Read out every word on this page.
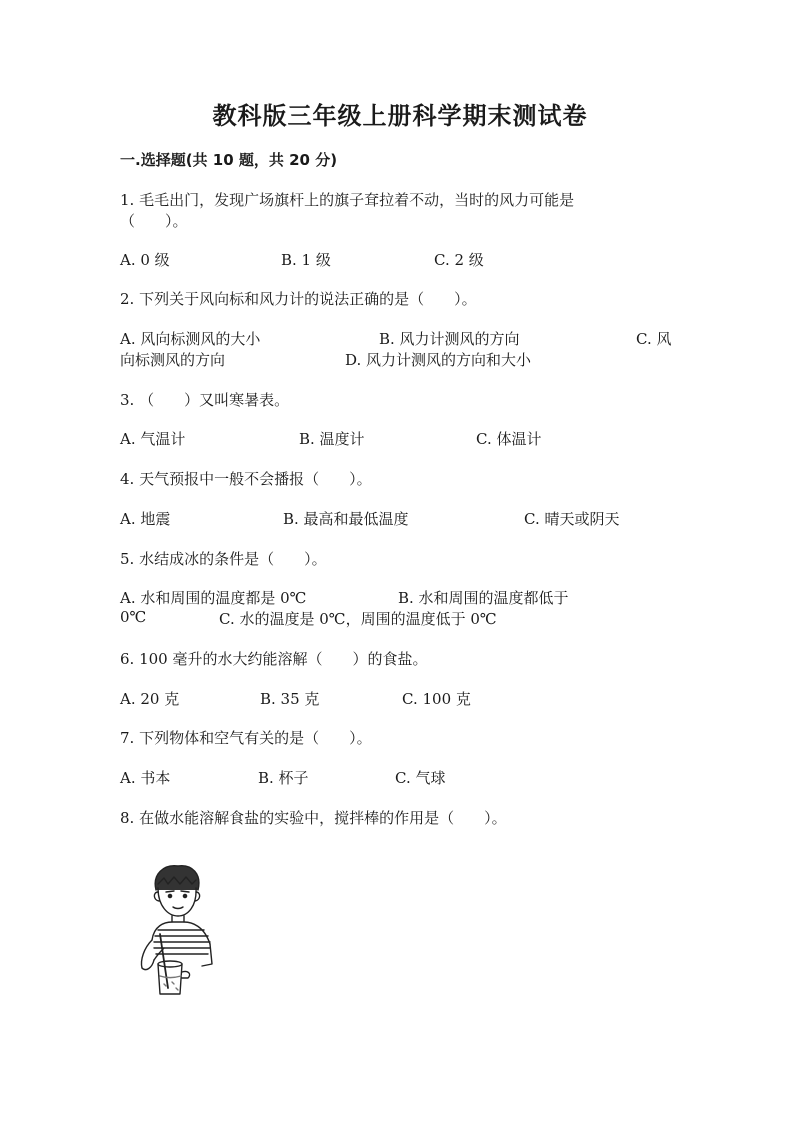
教科版三年级上册科学期末测试卷
一.选择题(共 10 题，共 20 分)
1. 毛毛出门，发现广场旗杆上的旗子耷拉着不动，当时的风力可能是
（　　）。
A. 0 级	B. 1 级	C. 2 级
2. 下列关于风向标和风力计的说法正确的是（　　）。
A. 风向标测风的大小	B. 风力计测风的方向	C. 风
向标测风的方向	D. 风力计测风的方向和大小
3. （　　）又叫寒暑表。
A. 气温计	B. 温度计	C. 体温计
4. 天气预报中一般不会播报（　　）。
A. 地震	B. 最高和最低温度	C. 晴天或阴天
5. 水结成冰的条件是（　　）。
A. 水和周围的温度都是 0℃	B. 水和周围的温度都低于
0℃	C. 水的温度是 0℃，周围的温度低于 0℃
6. 100 毫升的水大约能溶解（　　）的食盐。
A. 20 克	B. 35 克	C. 100 克
7. 下列物体和空气有关的是（　　）。
A. 书本	B. 杯子	C. 气球
8. 在做水能溶解食盐的实验中，搅拌棒的作用是（　　）。
